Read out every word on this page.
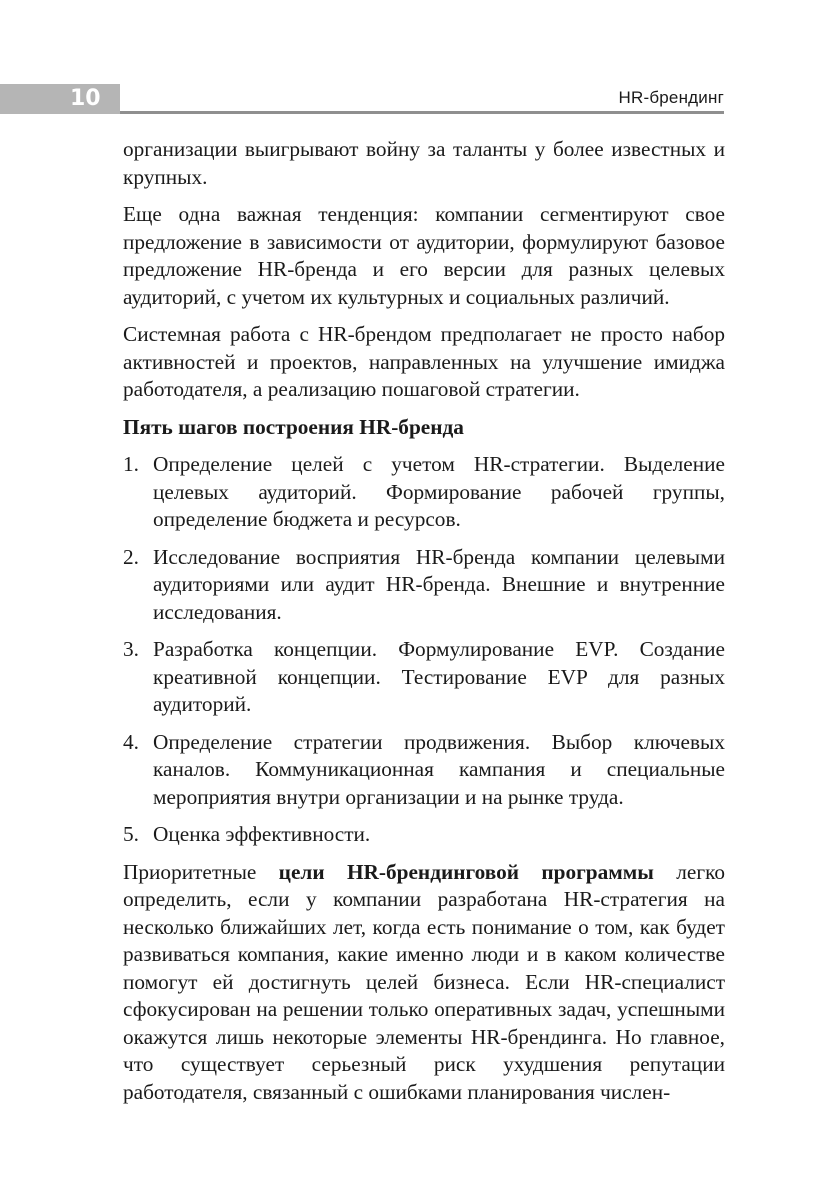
10	HR-брендинг

организации выигрывают войну за таланты у более известных и крупных.

Еще одна важная тенденция: компании сегментируют свое предложение в зависимости от аудитории, формулируют базовое предложение HR-бренда и его версии для разных целевых аудиторий, с учетом их культурных и социальных различий.

Системная работа с HR-брендом предполагает не просто набор активностей и проектов, направленных на улучшение имиджа работодателя, а реализацию пошаговой стратегии.

Пять шагов построения HR-бренда

1. Определение целей с учетом HR-стратегии. Выделение целевых аудиторий. Формирование рабочей группы, определение бюджета и ресурсов.
2. Исследование восприятия HR-бренда компании целевыми аудиториями или аудит HR-бренда. Внешние и внутренние исследования.
3. Разработка концепции. Формулирование EVP. Создание креативной концепции. Тестирование EVP для разных аудиторий.
4. Определение стратегии продвижения. Выбор ключевых каналов. Коммуникационная кампания и специальные мероприятия внутри организации и на рынке труда.
5. Оценка эффективности.

Приоритетные цели HR-брендинговой программы легко определить, если у компании разработана HR-стратегия на несколько ближайших лет, когда есть понимание о том, как будет развиваться компания, какие именно люди и в каком количестве помогут ей достигнуть целей бизнеса. Если HR-специалист сфокусирован на решении только оперативных задач, успешными окажутся лишь некоторые элементы HR-брендинга. Но главное, что существует серьезный риск ухудшения репутации работодателя, связанный с ошибками планирования числен-
